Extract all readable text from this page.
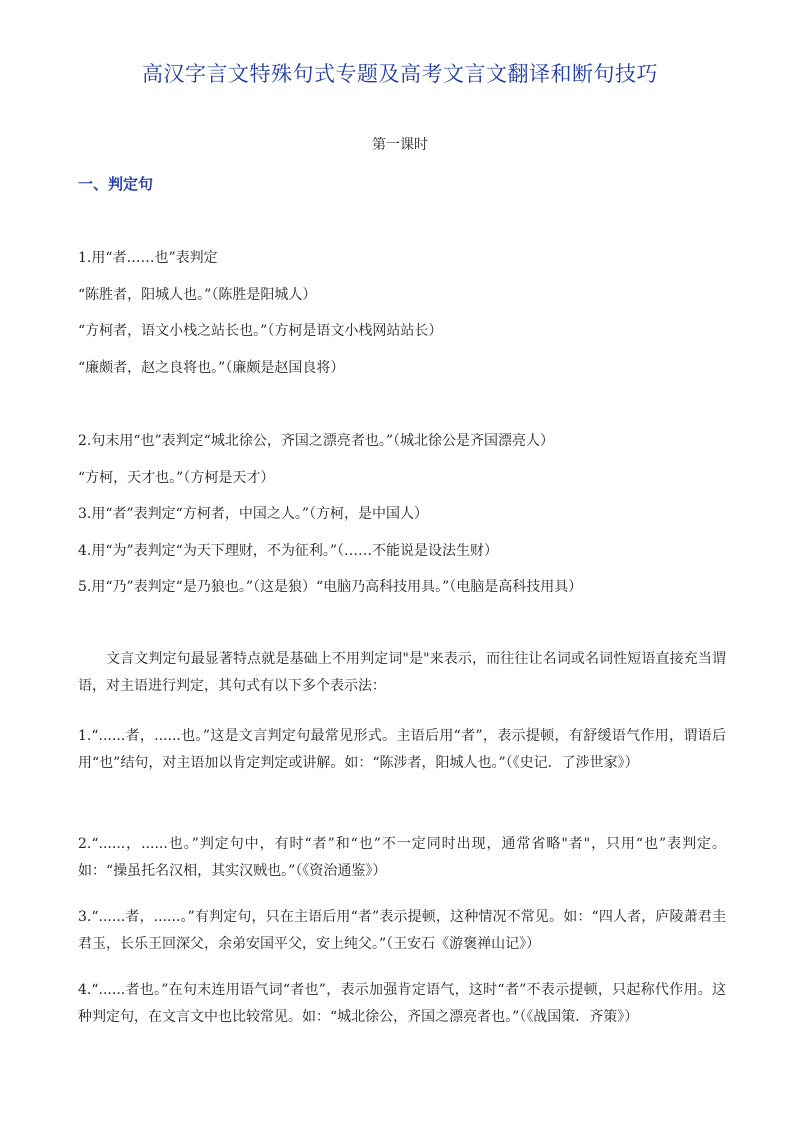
高汉字言文特殊句式专题及高考文言文翻译和断句技巧
第一课时
一、判定句
1.用“者……也”表判定
“陈胜者，阳城人也。”（陈胜是阳城人）
“方柯者，语文小栈之站长也。”（方柯是语文小栈网站站长）
“廉颇者，赵之良将也。”（廉颇是赵国良将）
2.句末用“也”表判定“城北徐公，齐国之漂亮者也。”（城北徐公是齐国漂亮人）
“方柯，天才也。”（方柯是天才）
3.用“者”表判定“方柯者，中国之人。”（方柯，是中国人）
4.用“为”表判定“为天下理财，不为征利。”（……不能说是设法生财）
5.用“乃”表判定“是乃狼也。”（这是狼）“电脑乃高科技用具。”（电脑是高科技用具）
文言文判定句最显著特点就是基础上不用判定词"是"来表示，而往往让名词或名词性短语直接充当谓语，对主语进行判定，其句式有以下多个表示法：
1.“......者，......也。”这是文言判定句最常见形式。主语后用“者”，表示提顿，有舒缓语气作用，谓语后用“也”结句，对主语加以肯定判定或讲解。如：“陈涉者，阳城人也。”（《史记．了涉世家》）
2.“......，......也。”判定句中，有时“者”和“也”不一定同时出现，通常省略"者"，只用“也”表判定。如：“操虽托名汉相，其实汉贼也。”（《资治通鉴》）
3.“......者，......。”有判定句，只在主语后用“者”表示提顿，这种情况不常见。如：“四人者，庐陵萧君圭君玉，长乐王回深父，余弟安国平父，安上纯父。”（王安石《游褒禅山记》）
4.“......者也。”在句末连用语气词“者也”，表示加强肯定语气，这时“者”不表示提顿，只起称代作用。这种判定句，在文言文中也比较常见。如：“城北徐公，齐国之漂亮者也。”（《战国策．齐策》）
